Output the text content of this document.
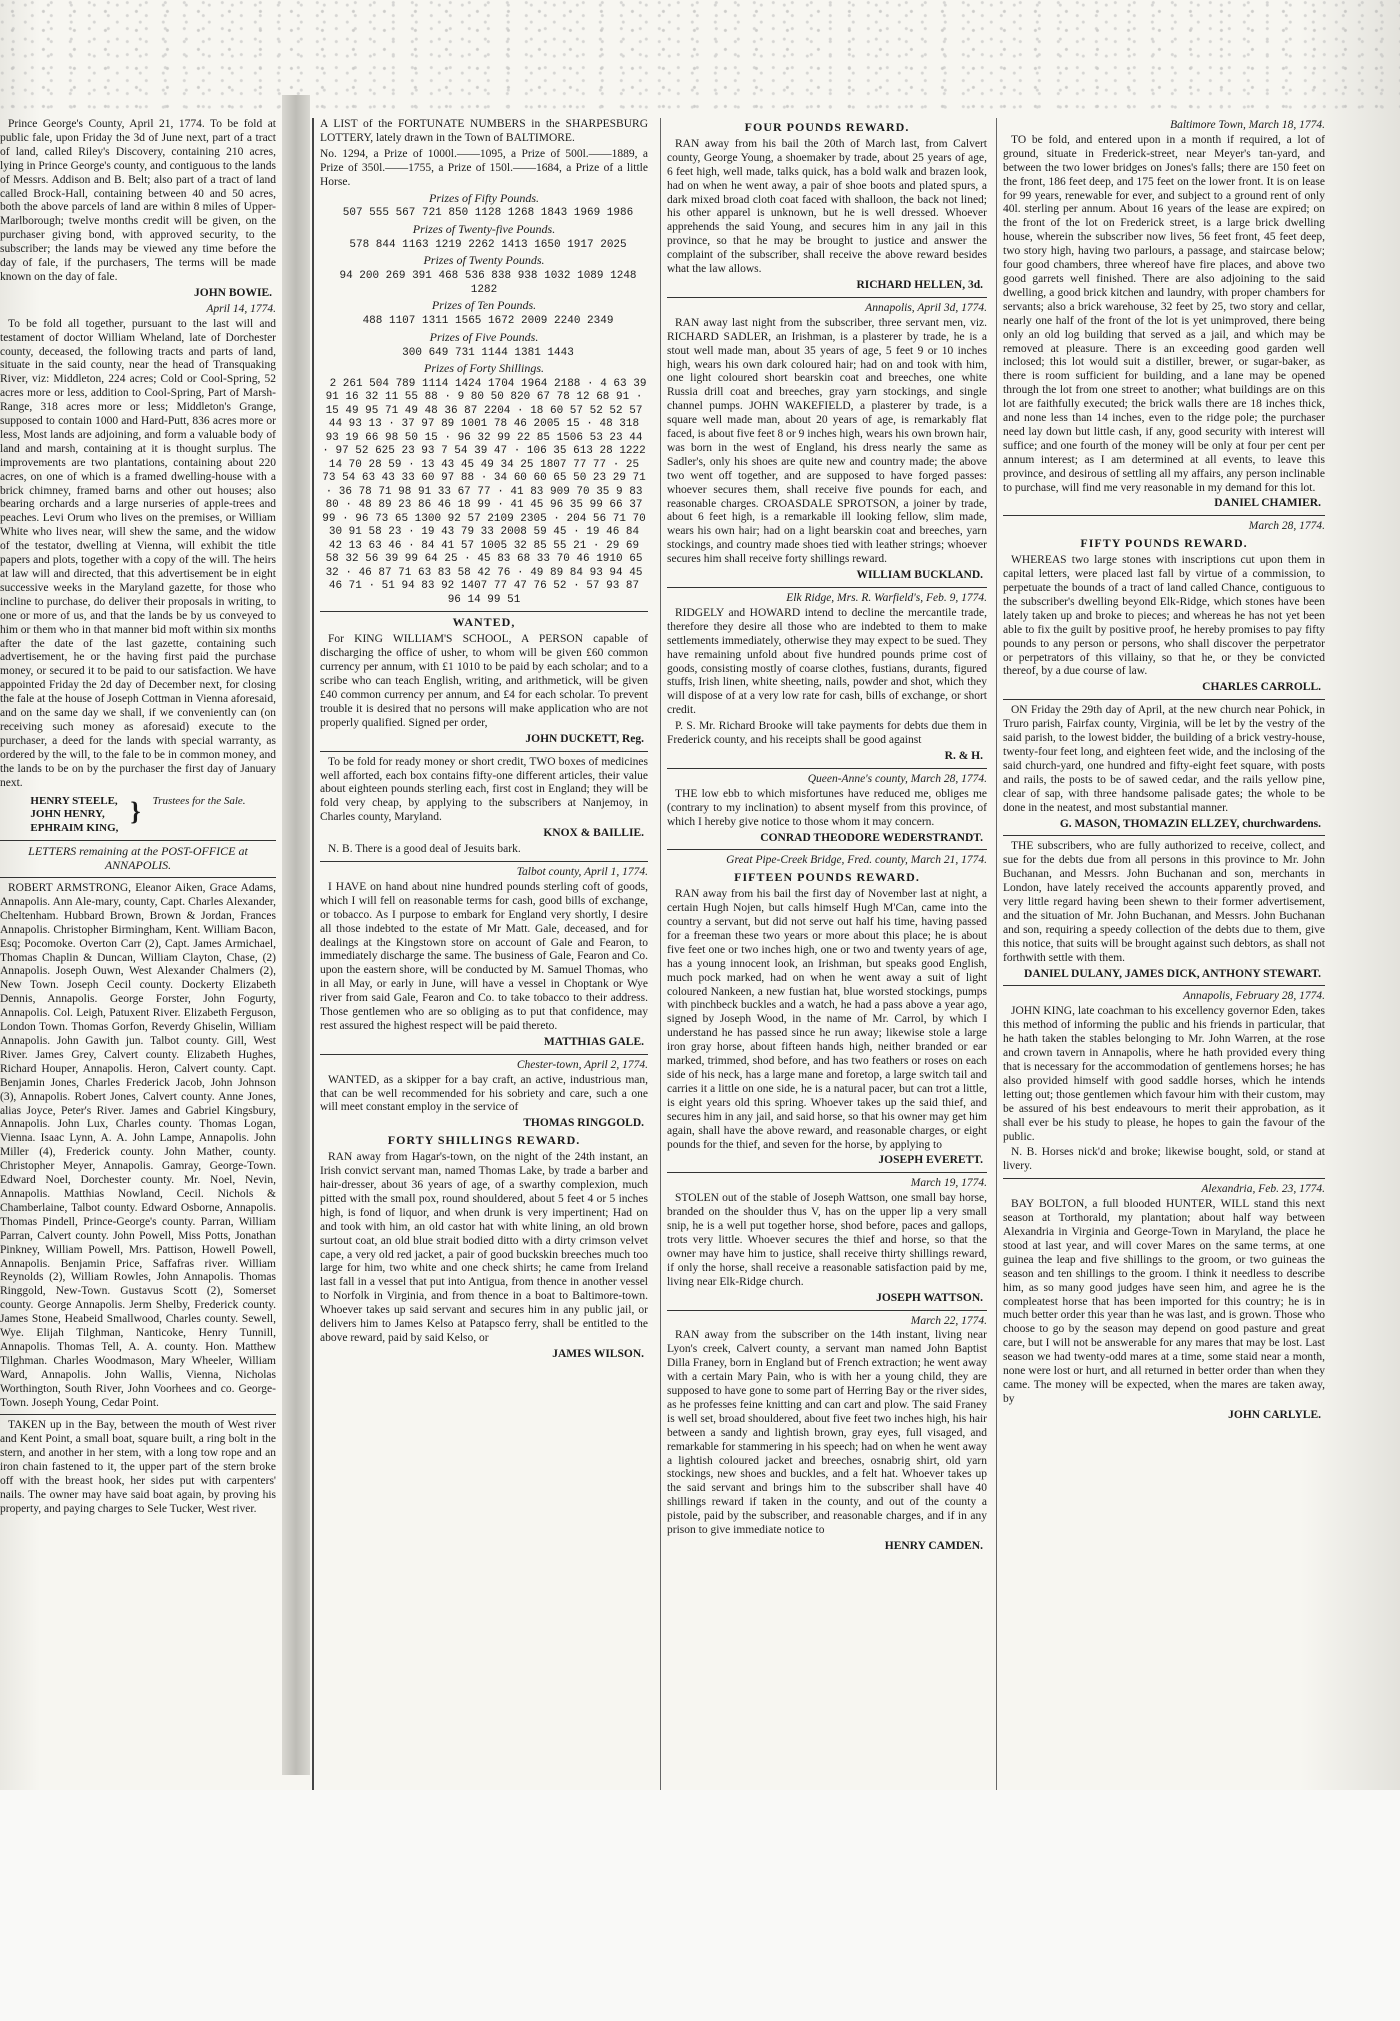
Prince George's County, April 21, 1774. To be fold at public fale, upon Friday the 3d of June next, part of a tract of land, called Riley's Discovery, containing 210 acres, lying in Prince George's county, and contiguous to the lands of Messrs. Addison and B. Belt; also part of a tract of land called Brock-Hall, containing between 40 and 50 acres, both the above parcels of land are within 8 miles of Upper-Marlborough; twelve months credit will be given, on the purchaser giving bond, with approved security, to the subscriber; the lands may be viewed any time before the day of fale, if the purchasers, The terms will be made known on the day of fale.

JOHN BOWIE.
April 14, 1774.

To be fold all together, pursuant to the last will and testament of doctor William Wheland, late of Dorchester county, deceased, the following tracts and parts of land, situate in the said county, near the head of Transquaking River, viz: Middleton, 224 acres; Cold or Cool-Spring, 52 acres more or less, addition to Cool-Spring, Part of Marsh-Range, 318 acres more or less; Middleton's Grange, supposed to contain 1000 and Hard-Putt, 836 acres more or less, Most lands are adjoining, and form a valuable body of land and marsh, containing at it is thought surplus. The improvements are two plantations, containing about 220 acres, on one of which is a framed dwelling-house with a brick chimney, framed barns and other out houses; also bearing orchards and a large nurseries of apple-trees and peaches. Levi Orum who lives on the premises, or William White who lives near, will shew the same, and the widow of the testator, dwelling at Vienna, will exhibit the title papers and plots, together with a copy of the will. The heirs at law will and directed, that this advertisement be in eight successive weeks in the Maryland gazette, for those who incline to purchase, do deliver their proposals in writing, to one or more of us, and that the lands be by us conveyed to him or them who in that manner bid moft within six months after the date of the last gazette, containing such advertisement, he or the having first paid the purchase money, or secured it to be paid to our satisfaction. We have appointed Friday the 2d day of December next, for closing the fale at the house of Joseph Cottman in Vienna aforesaid, and on the same day we shall, if we conveniently can (on receiving such money as aforesaid) execute to the purchaser, a deed for the lands with special warranty, as ordered by the will, to the fale to be in common money, and the lands to be on by the purchaser the first day of January next.

HENRY STEELE,
JOHN HENRY,
EPHRAIM KING,
} Trustees for the Sale.
LETTERS remaining at the POST-OFFICE at ANNAPOLIS.

ROBERT ARMSTRONG, Eleanor Aiken, Grace Adams, Annapolis. Ann Ale-mary, county, Capt. Charles Alexander, Cheltenham. Hubbard Brown, Brown & Jordan, Frances Annapolis. Christopher Birmingham, Kent. William Bacon, Esq; Pocomoke. Overton Carr (2), Capt. James Armichael, Thomas Chaplin & Duncan, William Clayton, Chase, (2) Annapolis. Joseph Ouwn, West Alexander Chalmers (2), New Town. Joseph Cecil county. Dockerty Elizabeth Dennis, Annapolis. George Forster, John Fogurty, Annapolis. Col. Leigh, Patuxent River. Elizabeth Ferguson, London Town. Thomas Gorfon, Reverdy Ghiselin, William Annapolis. John Gawith jun. Talbot county. Gill, West River. James Grey, Calvert county. Elizabeth Hughes, Richard Houper, Annapolis. Heron, Calvert county. Capt. Benjamin Jones, Charles Frederick Jacob, John Johnson (3), Annapolis. Robert Jones, Calvert county. Anne Jones, alias Joyce, Peter's River. James and Gabriel Kingsbury, Annapolis. John Lux, Charles county. Thomas Logan, Vienna. Isaac Lynn, A. A. John Lampe, Annapolis. John Miller (4), Frederick county. John Mather, county. Christopher Meyer, Annapolis. Gamray, George-Town. Edward Noel, Dorchester county. Mr. Noel, Nevin, Annapolis. Matthias Nowland, Cecil. Nichols & Chamberlaine, Talbot county. Edward Osborne, Annapolis. Thomas Pindell, Prince-George's county. Parran, William Parran, Calvert county. John Powell, Miss Potts, Jonathan Pinkney, William Powell, Mrs. Pattison, Howell Powell, Annapolis. Benjamin Price, Saffafras river. William Reynolds (2), William Rowles, John Annapolis. Thomas Ringgold, New-Town. Gustavus Scott (2), Somerset county. George Annapolis. Jerm Shelby, Frederick county. James Stone, Heabeid Smallwood, Charles county. Sewell, Wye. Elijah Tilghman, Nanticoke, Henry Tunnill, Annapolis. Thomas Tell, A. A. county. Hon. Matthew Tilghman. Charles Woodmason, Mary Wheeler, William Ward, Annapolis. John Wallis, Vienna, Nicholas Worthington, South River, John Voorhees and co. George-Town. Joseph Young, Cedar Point.

TAKEN up in the Bay, between the mouth of West river and Kent Point, a small boat, square built, a ring bolt in the stern, and another in her stem, with a long tow rope and an iron chain fastened to it, the upper part of the stern broke off with the breast hook, her sides put with carpenters' nails. The owner may have said boat again, by proving his property, and paying charges to Sele Tucker, West river.

A LIST of the FORTUNATE NUMBERS in the SHARPESBURG LOTTERY, lately drawn in the Town of BALTIMORE.

No. 1294, a Prize of 1000l.——1095, a Prize of 500l.——1889, a Prize of 350l.——1755, a Prize of 150l.——1684, a Prize of a little Horse.

Prizes of Fifty Pounds.

507 555 567 721 850 1128 1268 1843 1969 1986

Prizes of Twenty-five Pounds.

578 844 1163 1219 2262 1413 1650 1917 2025

Prizes of Twenty Pounds.

94 200 269 391 468 536 838 938 1032 1089 1248 1282

Prizes of Ten Pounds.

488 1107 1311 1565 1672 2009 2240 2349

Prizes of Five Pounds.

300 649 731 1144 1381 1443

Prizes of Forty Shillings.

2 261 504 789 1114 1424 1704 1964 2188 · 4 63 39 91 16 32 11 55 88 · 9 80 50 820 67 78 12 68 91 · 15 49 95 71 49 48 36 87 2204 · 18 60 57 52 52 57 44 93 13 · 37 97 89 1001 78 46 2005 15 · 48 318 93 19 66 98 50 15 · 96 32 99 22 85 1506 53 23 44 · 97 52 625 23 93 7 54 39 47 · 106 35 613 28 1222 14 70 28 59 · 13 43 45 49 34 25 1807 77 77 · 25 73 54 63 43 33 60 97 88 · 34 60 60 65 50 23 29 71 · 36 78 71 98 91 33 67 77 · 41 83 909 70 35 9 83 80 · 48 89 23 86 46 18 99 · 41 45 96 35 99 66 37 99 · 96 73 65 1300 92 57 2109 2305 · 204 56 71 70 30 91 58 23 · 19 43 79 33 2008 59 45 · 19 46 84 42 13 63 46 · 84 41 57 1005 32 85 55 21 · 29 69 58 32 56 39 99 64 25 · 45 83 68 33 70 46 1910 65 32 · 46 87 71 63 83 58 42 76 · 49 89 84 93 94 45 46 71 · 51 94 83 92 1407 77 47 76 52 · 57 93 87 96 14 99 51

WANTED,

For KING WILLIAM'S SCHOOL, A PERSON capable of discharging the office of usher, to whom will be given £60 common currency per annum, with £1 1010 to be paid by each scholar; and to a scribe who can teach English, writing, and arithmetick, will be given £40 common currency per annum, and £4 for each scholar. To prevent trouble it is desired that no persons will make application who are not properly qualified. Signed per order,

JOHN DUCKETT, Reg.

To be fold for ready money or short credit, TWO boxes of medicines well afforted, each box contains fifty-one different articles, their value about eighteen pounds sterling each, first cost in England; they will be fold very cheap, by applying to the subscribers at Nanjemoy, in Charles county, Maryland.

KNOX & BAILLIE.

N. B. There is a good deal of Jesuits bark.

Talbot county, April 1, 1774.

I HAVE on hand about nine hundred pounds sterling coft of goods, which I will fell on reasonable terms for cash, good bills of exchange, or tobacco. As I purpose to embark for England very shortly, I desire all those indebted to the estate of Mr Matt. Gale, deceased, and for dealings at the Kingstown store on account of Gale and Fearon, to immediately discharge the same. The business of Gale, Fearon and Co. upon the eastern shore, will be conducted by M. Samuel Thomas, who in all May, or early in June, will have a vessel in Choptank or Wye river from said Gale, Fearon and Co. to take tobacco to their address. Those gentlemen who are so obliging as to put that confidence, may rest assured the highest respect will be paid thereto.

MATTHIAS GALE.
Chester-town, April 2, 1774.

WANTED, as a skipper for a bay craft, an active, industrious man, that can be well recommended for his sobriety and care, such a one will meet constant employ in the service of

THOMAS RINGGOLD.
FORTY SHILLINGS REWARD.

RAN away from Hagar's-town, on the night of the 24th instant, an Irish convict servant man, named Thomas Lake, by trade a barber and hair-dresser, about 36 years of age, of a swarthy complexion, much pitted with the small pox, round shouldered, about 5 feet 4 or 5 inches high, is fond of liquor, and when drunk is very impertinent; Had on and took with him, an old castor hat with white lining, an old brown surtout coat, an old blue strait bodied ditto with a dirty crimson velvet cape, a very old red jacket, a pair of good buckskin breeches much too large for him, two white and one check shirts; he came from Ireland last fall in a vessel that put into Antigua, from thence in another vessel to Norfolk in Virginia, and from thence in a boat to Baltimore-town. Whoever takes up said servant and secures him in any public jail, or delivers him to James Kelso at Patapsco ferry, shall be entitled to the above reward, paid by said Kelso, or

JAMES WILSON.
FOUR POUNDS REWARD.

RAN away from his bail the 20th of March last, from Calvert county, George Young, a shoemaker by trade, about 25 years of age, 6 feet high, well made, talks quick, has a bold walk and brazen look, had on when he went away, a pair of shoe boots and plated spurs, a dark mixed broad cloth coat faced with shalloon, the back not lined; his other apparel is unknown, but he is well dressed. Whoever apprehends the said Young, and secures him in any jail in this province, so that he may be brought to justice and answer the complaint of the subscriber, shall receive the above reward besides what the law allows.

RICHARD HELLEN, 3d.
Annapolis, April 3d, 1774.

RAN away last night from the subscriber, three servant men, viz. RICHARD SADLER, an Irishman, is a plasterer by trade, he is a stout well made man, about 35 years of age, 5 feet 9 or 10 inches high, wears his own dark coloured hair; had on and took with him, one light coloured short bearskin coat and breeches, one white Russia drill coat and breeches, gray yarn stockings, and single channel pumps. JOHN WAKEFIELD, a plasterer by trade, is a square well made man, about 20 years of age, is remarkably flat faced, is about five feet 8 or 9 inches high, wears his own brown hair, was born in the west of England, his dress nearly the same as Sadler's, only his shoes are quite new and country made; the above two went off together, and are supposed to have forged passes: whoever secures them, shall receive five pounds for each, and reasonable charges. CROASDALE SPROTSON, a joiner by trade, about 6 feet high, is a remarkable ill looking fellow, slim made, wears his own hair; had on a light bearskin coat and breeches, yarn stockings, and country made shoes tied with leather strings; whoever secures him shall receive forty shillings reward.

WILLIAM BUCKLAND.
Elk Ridge, Mrs. R. Warfield's, Feb. 9, 1774.

RIDGELY and HOWARD intend to decline the mercantile trade, therefore they desire all those who are indebted to them to make settlements immediately, otherwise they may expect to be sued. They have remaining unfold about five hundred pounds prime cost of goods, consisting mostly of coarse clothes, fustians, durants, figured stuffs, Irish linen, white sheeting, nails, powder and shot, which they will dispose of at a very low rate for cash, bills of exchange, or short credit.

P. S. Mr. Richard Brooke will take payments for debts due them in Frederick county, and his receipts shall be good against

R. & H.
Queen-Anne's county, March 28, 1774.

THE low ebb to which misfortunes have reduced me, obliges me (contrary to my inclination) to absent myself from this province, of which I hereby give notice to those whom it may concern.

CONRAD THEODORE WEDERSTRANDT.
Great Pipe-Creek Bridge, Fred. county, March 21, 1774.
FIFTEEN POUNDS REWARD.

RAN away from his bail the first day of November last at night, a certain Hugh Nojen, but calls himself Hugh M'Can, came into the country a servant, but did not serve out half his time, having passed for a freeman these two years or more about this place; he is about five feet one or two inches high, one or two and twenty years of age, has a young innocent look, an Irishman, but speaks good English, much pock marked, had on when he went away a suit of light coloured Nankeen, a new fustian hat, blue worsted stockings, pumps with pinchbeck buckles and a watch, he had a pass above a year ago, signed by Joseph Wood, in the name of Mr. Carrol, by which I understand he has passed since he run away; likewise stole a large iron gray horse, about fifteen hands high, neither branded or ear marked, trimmed, shod before, and has two feathers or roses on each side of his neck, has a large mane and foretop, a large switch tail and carries it a little on one side, he is a natural pacer, but can trot a little, is eight years old this spring. Whoever takes up the said thief, and secures him in any jail, and said horse, so that his owner may get him again, shall have the above reward, and reasonable charges, or eight pounds for the thief, and seven for the horse, by applying to

JOSEPH EVERETT.
March 19, 1774.

STOLEN out of the stable of Joseph Wattson, one small bay horse, branded on the shoulder thus V, has on the upper lip a very small snip, he is a well put together horse, shod before, paces and gallops, trots very little. Whoever secures the thief and horse, so that the owner may have him to justice, shall receive thirty shillings reward, if only the horse, shall receive a reasonable satisfaction paid by me, living near Elk-Ridge church.

JOSEPH WATTSON.
March 22, 1774.

RAN away from the subscriber on the 14th instant, living near Lyon's creek, Calvert county, a servant man named John Baptist Dilla Franey, born in England but of French extraction; he went away with a certain Mary Pain, who is with her a young child, they are supposed to have gone to some part of Herring Bay or the river sides, as he professes feine knitting and can cart and plow. The said Franey is well set, broad shouldered, about five feet two inches high, his hair between a sandy and lightish brown, gray eyes, full visaged, and remarkable for stammering in his speech; had on when he went away a lightish coloured jacket and breeches, osnabrig shirt, old yarn stockings, new shoes and buckles, and a felt hat. Whoever takes up the said servant and brings him to the subscriber shall have 40 shillings reward if taken in the county, and out of the county a pistole, paid by the subscriber, and reasonable charges, and if in any prison to give immediate notice to

HENRY CAMDEN.
Baltimore Town, March 18, 1774.

TO be fold, and entered upon in a month if required, a lot of ground, situate in Frederick-street, near Meyer's tan-yard, and between the two lower bridges on Jones's falls; there are 150 feet on the front, 186 feet deep, and 175 feet on the lower front. It is on lease for 99 years, renewable for ever, and subject to a ground rent of only 40l. sterling per annum. About 16 years of the lease are expired; on the front of the lot on Frederick street, is a large brick dwelling house, wherein the subscriber now lives, 56 feet front, 45 feet deep, two story high, having two parlours, a passage, and staircase below; four good chambers, three whereof have fire places, and above two good garrets well finished. There are also adjoining to the said dwelling, a good brick kitchen and laundry, with proper chambers for servants; also a brick warehouse, 32 feet by 25, two story and cellar, nearly one half of the front of the lot is yet unimproved, there being only an old log building that served as a jail, and which may be removed at pleasure. There is an exceeding good garden well inclosed; this lot would suit a distiller, brewer, or sugar-baker, as there is room sufficient for building, and a lane may be opened through the lot from one street to another; what buildings are on this lot are faithfully executed; the brick walls there are 18 inches thick, and none less than 14 inches, even to the ridge pole; the purchaser need lay down but little cash, if any, good security with interest will suffice; and one fourth of the money will be only at four per cent per annum interest; as I am determined at all events, to leave this province, and desirous of settling all my affairs, any person inclinable to purchase, will find me very reasonable in my demand for this lot.

DANIEL CHAMIER.
March 28, 1774.
FIFTY POUNDS REWARD.

WHEREAS two large stones with inscriptions cut upon them in capital letters, were placed last fall by virtue of a commission, to perpetuate the bounds of a tract of land called Chance, contiguous to the subscriber's dwelling beyond Elk-Ridge, which stones have been lately taken up and broke to pieces; and whereas he has not yet been able to fix the guilt by positive proof, he hereby promises to pay fifty pounds to any person or persons, who shall discover the perpetrator or perpetrators of this villainy, so that he, or they be convicted thereof, by a due course of law.

CHARLES CARROLL.

ON Friday the 29th day of April, at the new church near Pohick, in Truro parish, Fairfax county, Virginia, will be let by the vestry of the said parish, to the lowest bidder, the building of a brick vestry-house, twenty-four feet long, and eighteen feet wide, and the inclosing of the said church-yard, one hundred and fifty-eight feet square, with posts and rails, the posts to be of sawed cedar, and the rails yellow pine, clear of sap, with three handsome palisade gates; the whole to be done in the neatest, and most substantial manner.

G. MASON, THOMAZIN ELLZEY, churchwardens.

THE subscribers, who are fully authorized to receive, collect, and sue for the debts due from all persons in this province to Mr. John Buchanan, and Messrs. John Buchanan and son, merchants in London, have lately received the accounts apparently proved, and very little regard having been shewn to their former advertisement, and the situation of Mr. John Buchanan, and Messrs. John Buchanan and son, requiring a speedy collection of the debts due to them, give this notice, that suits will be brought against such debtors, as shall not forthwith settle with them.

DANIEL DULANY, JAMES DICK, ANTHONY STEWART.
Annapolis, February 28, 1774.

JOHN KING, late coachman to his excellency governor Eden, takes this method of informing the public and his friends in particular, that he hath taken the stables belonging to Mr. John Warren, at the rose and crown tavern in Annapolis, where he hath provided every thing that is necessary for the accommodation of gentlemens horses; he has also provided himself with good saddle horses, which he intends letting out; those gentlemen which favour him with their custom, may be assured of his best endeavours to merit their approbation, as it shall ever be his study to please, he hopes to gain the favour of the public.

N. B. Horses nick'd and broke; likewise bought, sold, or stand at livery.

Alexandria, Feb. 23, 1774.

BAY BOLTON, a full blooded HUNTER, WILL stand this next season at Torthorald, my plantation; about half way between Alexandria in Virginia and George-Town in Maryland, the place he stood at last year, and will cover Mares on the same terms, at one guinea the leap and five shillings to the groom, or two guineas the season and ten shillings to the groom. I think it needless to describe him, as so many good judges have seen him, and agree he is the compleatest horse that has been imported for this country; he is in much better order this year than he was last, and is grown. Those who choose to go by the season may depend on good pasture and great care, but I will not be answerable for any mares that may be lost. Last season we had twenty-odd mares at a time, some staid near a month, none were lost or hurt, and all returned in better order than when they came. The money will be expected, when the mares are taken away, by

JOHN CARLYLE.
